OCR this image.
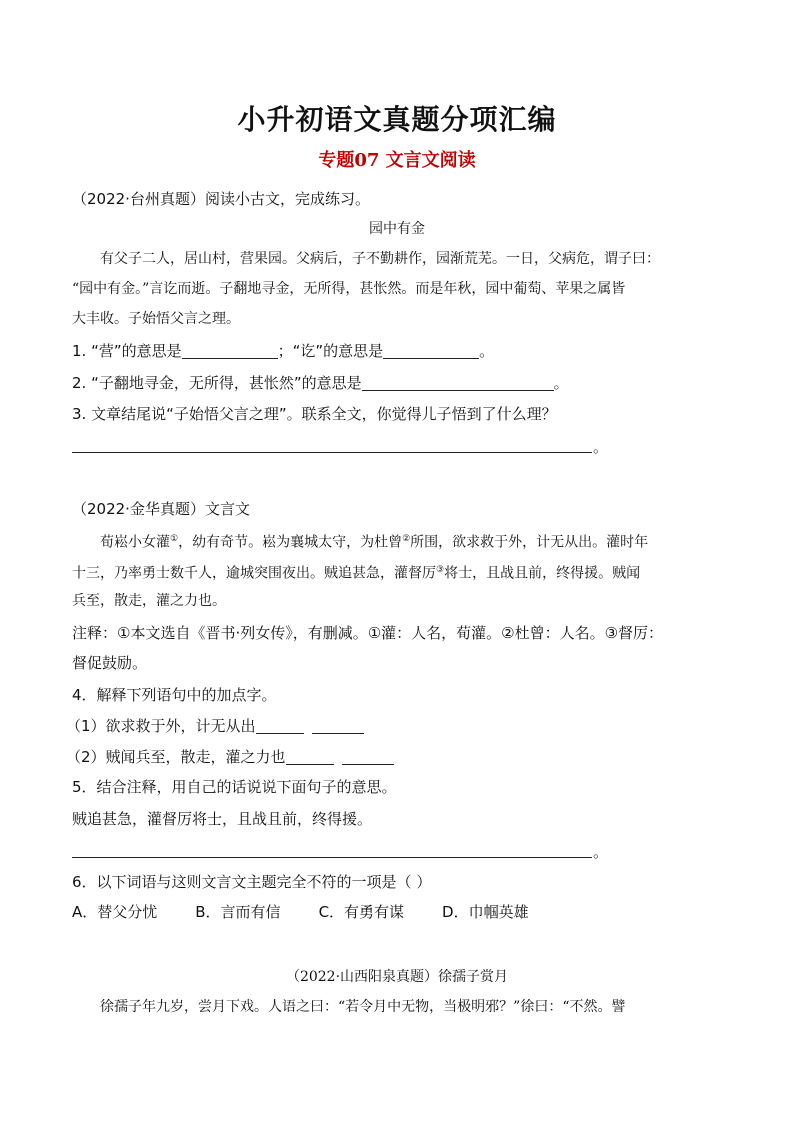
小升初语文真题分项汇编
专题07 文言文阅读
（2022·台州真题）阅读小古文，完成练习。
园中有金
有父子二人，居山村，营果园。父病后，子不勤耕作，园渐荒芜。一日，父病危，谓子曰：
“园中有金。”言讫而逝。子翻地寻金，无所得，甚怅然。而是年秋，园中葡萄、苹果之属皆
大丰收。子始悟父言之理。
1. “营”的意思是	；“讫”的意思是	。
2. “子翻地寻金，无所得，甚怅然”的意思是	。
3. 文章结尾说“子始悟父言之理”。联系全文，你觉得儿子悟到了什么理？
。
（2022·金华真题）文言文
荀崧小女灌①，幼有奇节。崧为襄城太守，为杜曾②所围，欲求救于外，计无从出。灌时年
十三，乃率勇士数千人，逾城突围夜出。贼追甚急，灌督厉③将士，且战且前，终得援。贼闻
兵至，散走，灌之力也。
注释：①本文选自《晋书·列女传》，有删减。①灌：人名，荀灌。②杜曾：人名。③督厉：
督促鼓励。
4．解释下列语句中的加点字。
（1）欲求救于外，计无从出
（2）贼闻兵至，散走，灌之力也
5．结合注释，用自己的话说说下面句子的意思。
贼追甚急，灌督厉将士，且战且前，终得援。
。
6．以下词语与这则文言文主题完全不符的一项是（ ）
A．替父分忧	B．言而有信	C．有勇有谋	D．巾帼英雄
（2022·山西阳泉真题）徐孺子赏月
徐孺子年九岁，尝月下戏。人语之曰：“若令月中无物，当极明邪？”徐曰：“不然。譬
